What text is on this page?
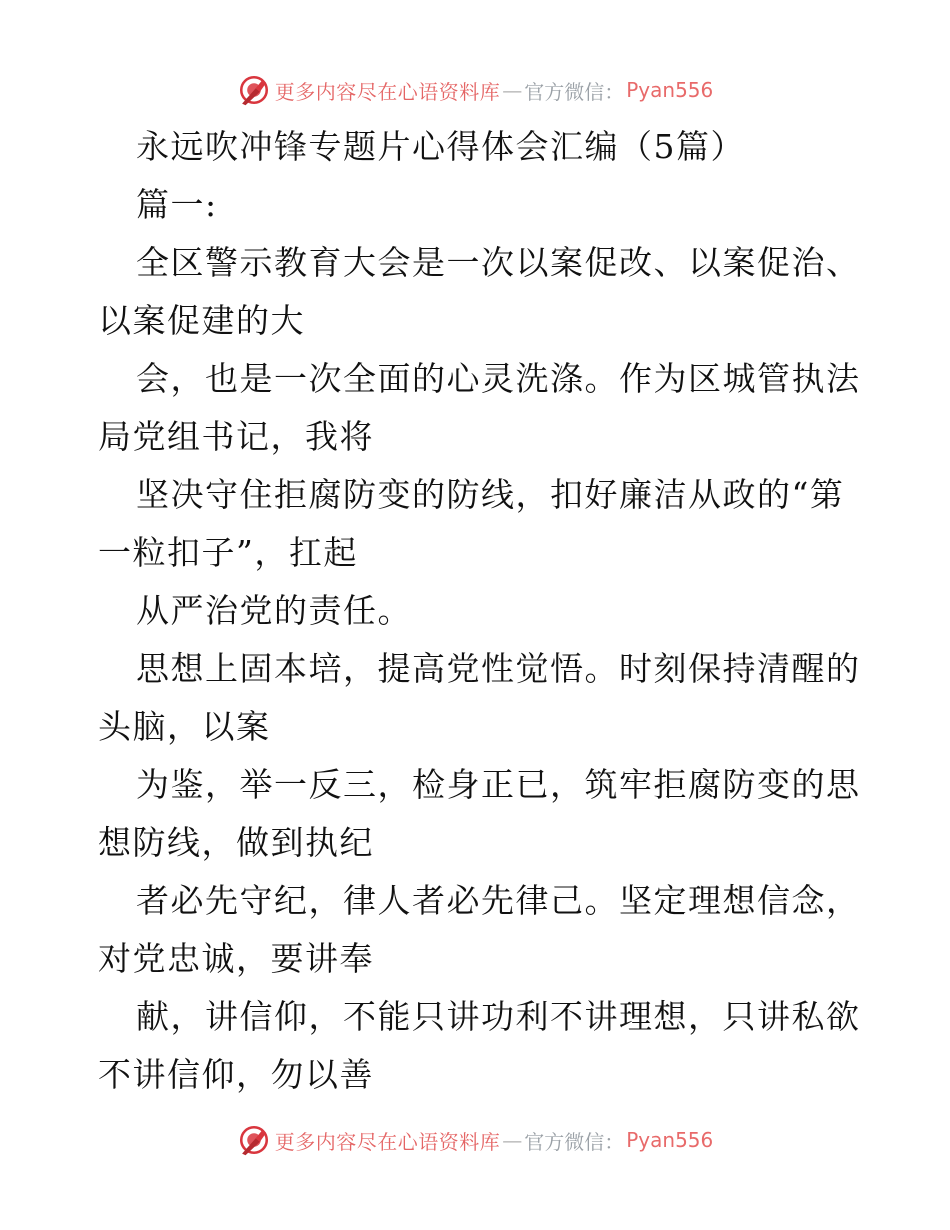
更多内容尽在心语资料库 — 官方微信： Pyan556
永远吹冲锋专题片心得体会汇编（5篇）
篇一:
全区警示教育大会是一次以案促改、以案促治、
以案促建的大
会，也是一次全面的心灵洗涤。作为区城管执法
局党组书记，我将
坚决守住拒腐防变的防线，扣好廉洁从政的“第
一粒扣子”，扛起
从严治党的责任。
思想上固本培，提高党性觉悟。时刻保持清醒的
头脑，以案
为鉴，举一反三，检身正已，筑牢拒腐防变的思
想防线，做到执纪
者必先守纪，律人者必先律己。坚定理想信念，
对党忠诚，要讲奉
献，讲信仰，不能只讲功利不讲理想，只讲私欲
不讲信仰，勿以善
更多内容尽在心语资料库 — 官方微信： Pyan556
